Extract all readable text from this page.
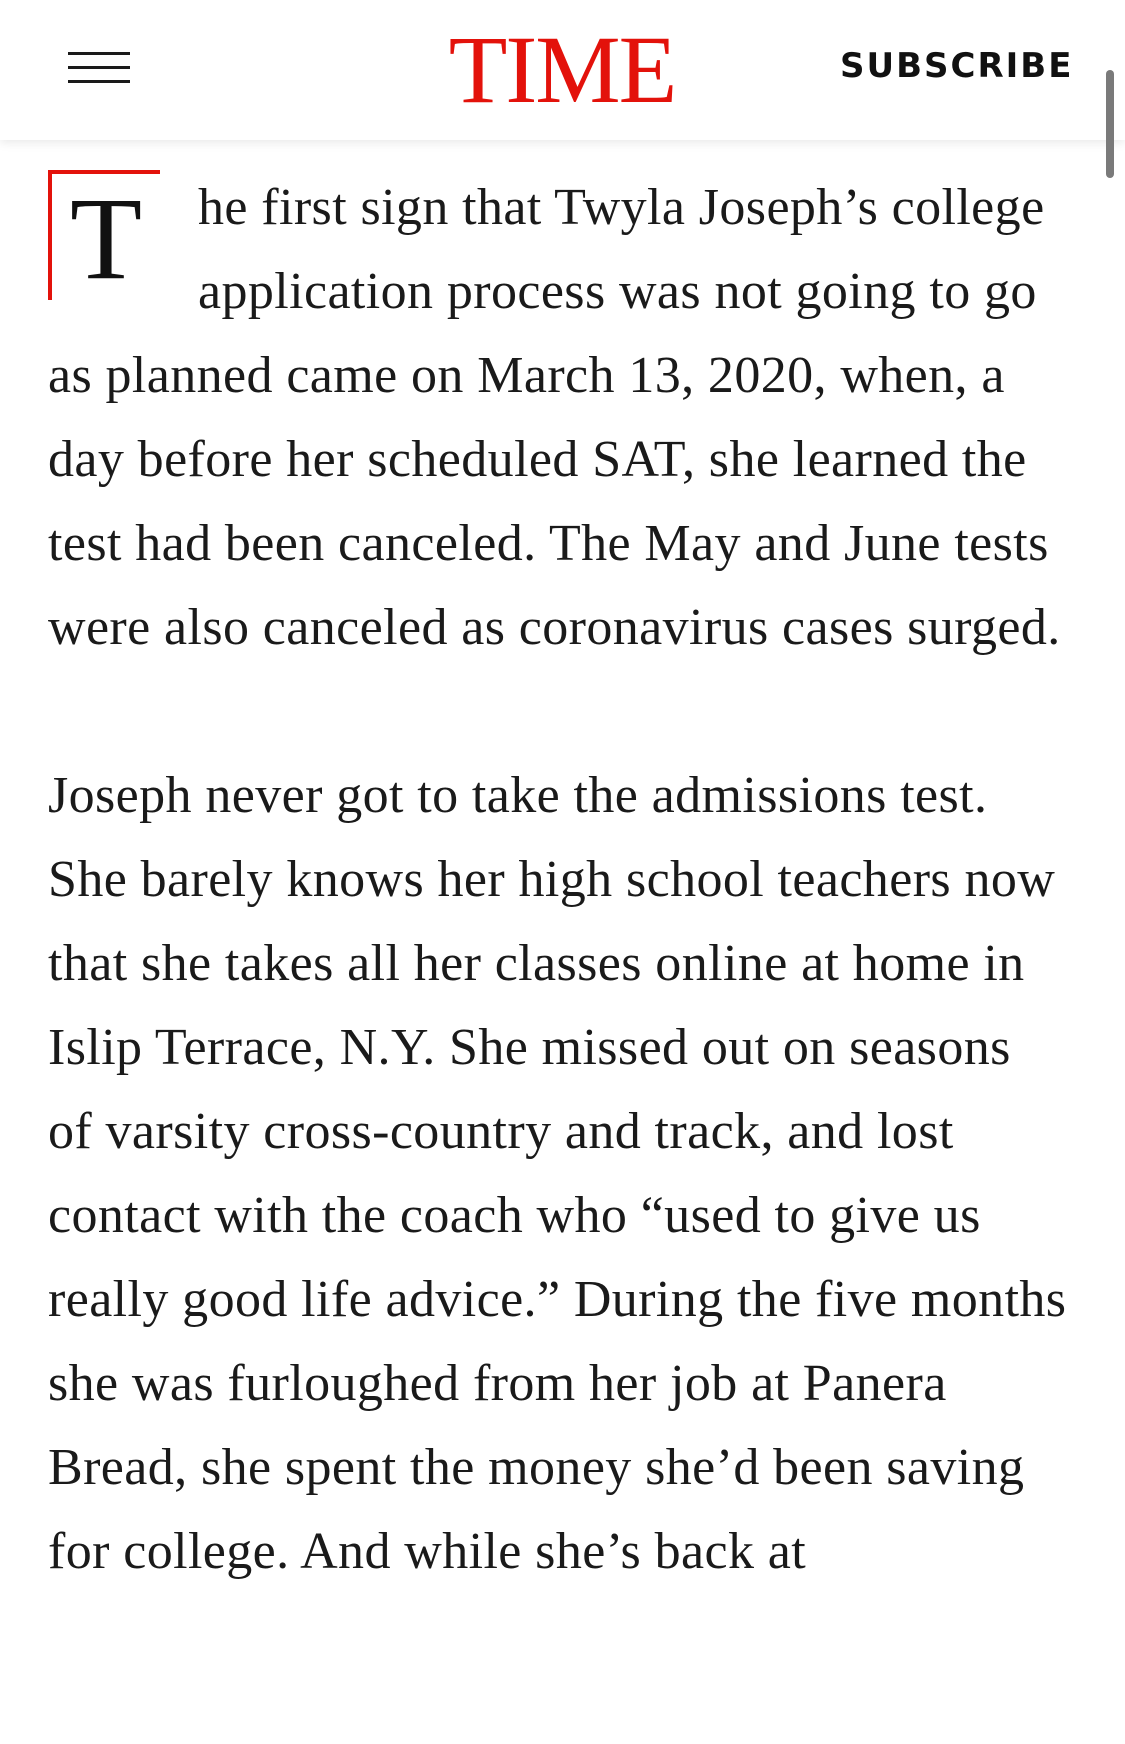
TIME	SUBSCRIBE

T he first sign that Twyla Joseph’s college application process was not going to go as planned came on March 13, 2020, when, a day before her scheduled SAT, she learned the test had been canceled. The May and June tests were also canceled as coronavirus cases surged.

Joseph never got to take the admissions test. She barely knows her high school teachers now that she takes all her classes online at home in Islip Terrace, N.Y. She missed out on seasons of varsity cross-country and track, and lost contact with the coach who “used to give us really good life advice.” During the five months she was furloughed from her job at Panera Bread, she spent the money she’d been saving for college. And while she’s back at
